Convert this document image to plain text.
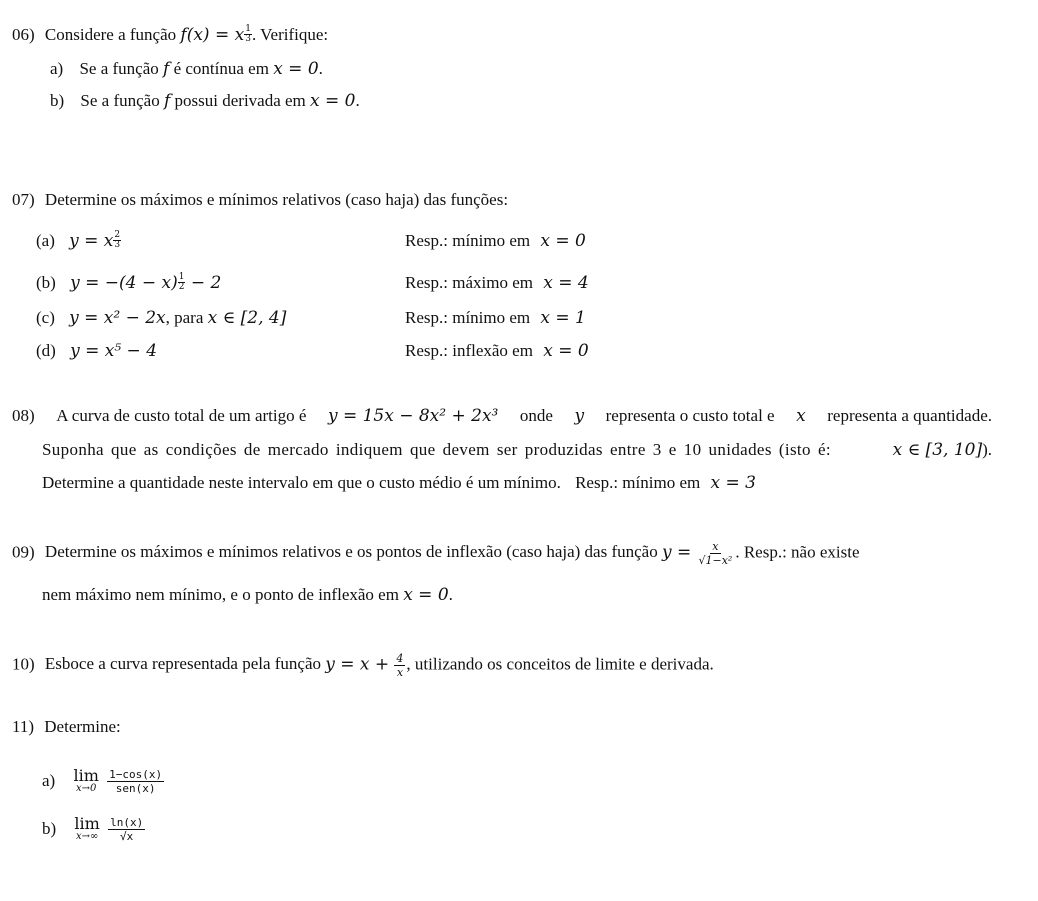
06) Considere a função f(x) = x $\frac{1}{3}$ . Verifique:
a) Se a função f é contínua em x = 0.
b) Se a função f possui derivada em x = 0.
07) Determine os máximos e mínimos relativos (caso haja) das funções:
(a) y = x $\frac{2}{3}$	Resp.: mínimo em x = 0
(b) $y = -(4 - x) \frac{1}{2} - 2$	Resp.: máximo em x = 4
(c) y = x² − 2x, para x ∈ [2, 4]	Resp.: mínimo em x = 1
(d) y = x⁵ − 4	Resp.: inflexão em x = 0
08) A curva de custo total de um artigo é y = 15x − 8x² + 2x³ onde y representa o custo total e x representa a quantidade.
Suponha que as condições de mercado indiquem que devem ser produzidas entre 3 e 10 unidades (isto é:	x ∈ [3, 10]).
Determine a quantidade neste intervalo em que o custo médio é um mínimo. Resp.: mínimo em x = 3
09) Determine os máximos e mínimos relativos e os pontos de inflexão (caso haja) das função $y = \frac{x}{\text{√1−x²}}$ . Resp.: não existe
nem máximo nem mínimo, e o ponto de inflexão em x = 0.
10) Esboce a curva representada pela função $y = x + \frac{4}{x}$ , utilizando os conceitos de limite e derivada.
11) Determine:
a) lim
x→0
$\frac{1-\cos(x)}{\text{sen(x)}}$
b) lim
x→∞
$\frac{\ln(x)}{√x}$
